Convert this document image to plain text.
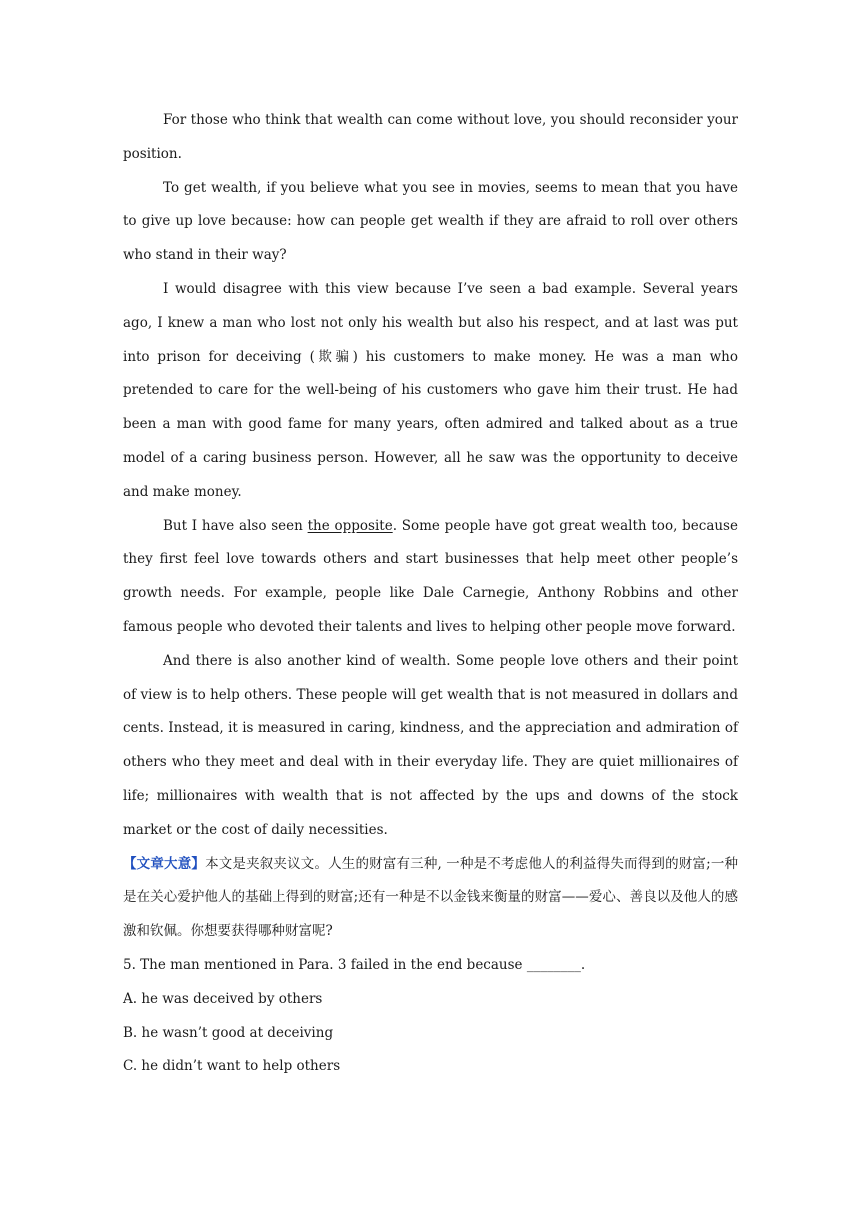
For those who think that wealth can come without love, you should reconsider your position.

To get wealth, if you believe what you see in movies, seems to mean that you have to give up love because: how can people get wealth if they are afraid to roll over others who stand in their way?

I would disagree with this view because I’ve seen a bad example. Several years ago, I knew a man who lost not only his wealth but also his respect, and at last was put into prison for deceiving (欺骗) his customers to make money. He was a man who pretended to care for the well-being of his customers who gave him their trust. He had been a man with good fame for many years, often admired and talked about as a true model of a caring business person. However, all he saw was the opportunity to deceive and make money.

But I have also seen the opposite. Some people have got great wealth too, because they first feel love towards others and start businesses that help meet other people’s growth needs. For example, people like Dale Carnegie, Anthony Robbins and other famous people who devoted their talents and lives to helping other people move forward.

And there is also another kind of wealth. Some people love others and their point of view is to help others. These people will get wealth that is not measured in dollars and cents. Instead, it is measured in caring, kindness, and the appreciation and admiration of others who they meet and deal with in their everyday life. They are quiet millionaires of life; millionaires with wealth that is not affected by the ups and downs of the stock market or the cost of daily necessities.

【文章大意】本文是夹叙夹议文。人生的财富有三种, 一种是不考虑他人的利益得失而得到的财富;一种是在关心爱护他人的基础上得到的财富;还有一种是不以金钱来衡量的财富——爱心、善良以及他人的感激和钦佩。你想要获得哪种财富呢?

5. The man mentioned in Para. 3 failed in the end because ________.

A. he was deceived by others

B. he wasn’t good at deceiving

C. he didn’t want to help others
